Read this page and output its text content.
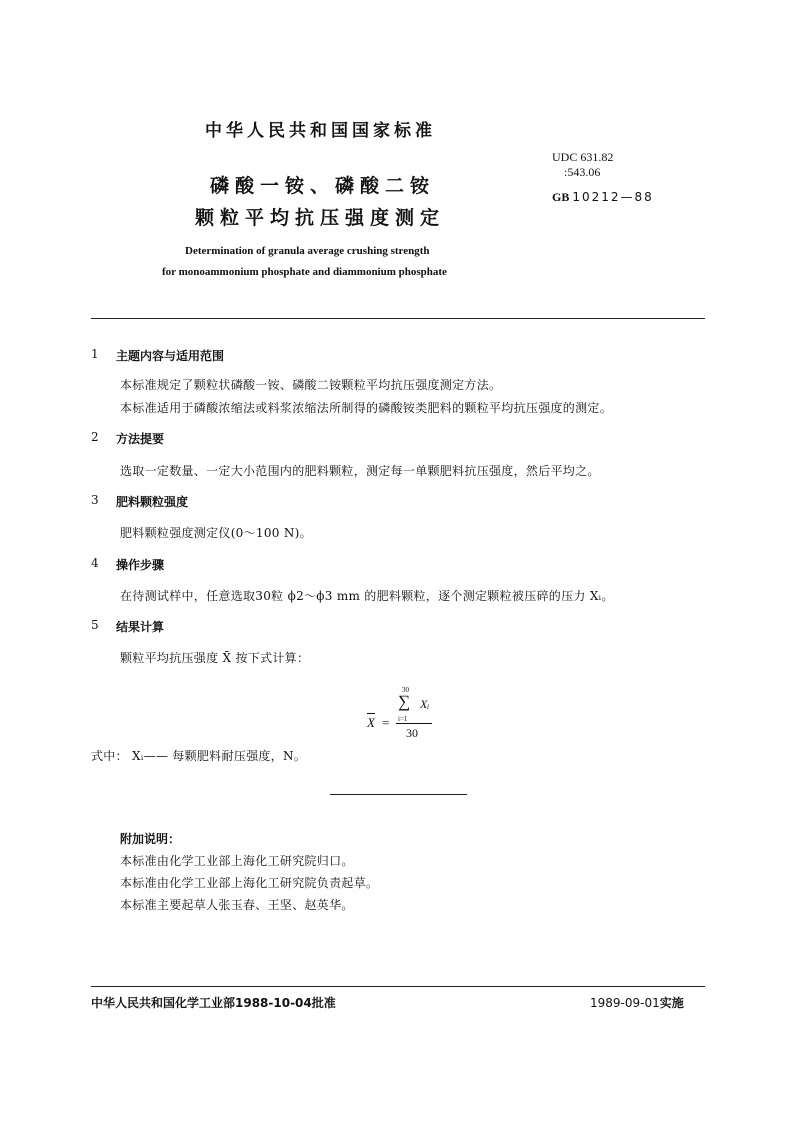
中华人民共和国国家标准
磷酸一铵、磷酸二铵
颗粒平均抗压强度测定
UDC 631.82
:543.06
GB 10212—88
Determination of granula average crushing strength
for monoammonium phosphate and diammonium phosphate
1 主题内容与适用范围
本标准规定了颗粒状磷酸一铵、磷酸二铵颗粒平均抗压强度测定方法。
本标准适用于磷酸浓缩法或料浆浓缩法所制得的磷酸铵类肥料的颗粒平均抗压强度的测定。
2 方法提要
选取一定数量、一定大小范围内的肥料颗粒，测定每一单颗肥料抗压强度，然后平均之。
3 肥料颗粒强度
肥料颗粒强度测定仪(0～100 N)。
4 操作步骤
在待测试样中，任意选取30粒 ϕ2～ϕ3 mm 的肥料颗粒，逐个测定颗粒被压碎的压力 Xᵢ。
5 结果计算
颗粒平均抗压强度 X̄ 按下式计算：
X =
30
∑ Xᵢ
i=1
30
式中： Xᵢ—— 每颗肥料耐压强度，N。
附加说明：
本标准由化学工业部上海化工研究院归口。
本标准由化学工业部上海化工研究院负责起草。
本标准主要起草人张玉春、王坚、赵英华。
中华人民共和国化学工业部1988-10-04批准	1989-09-01实施
